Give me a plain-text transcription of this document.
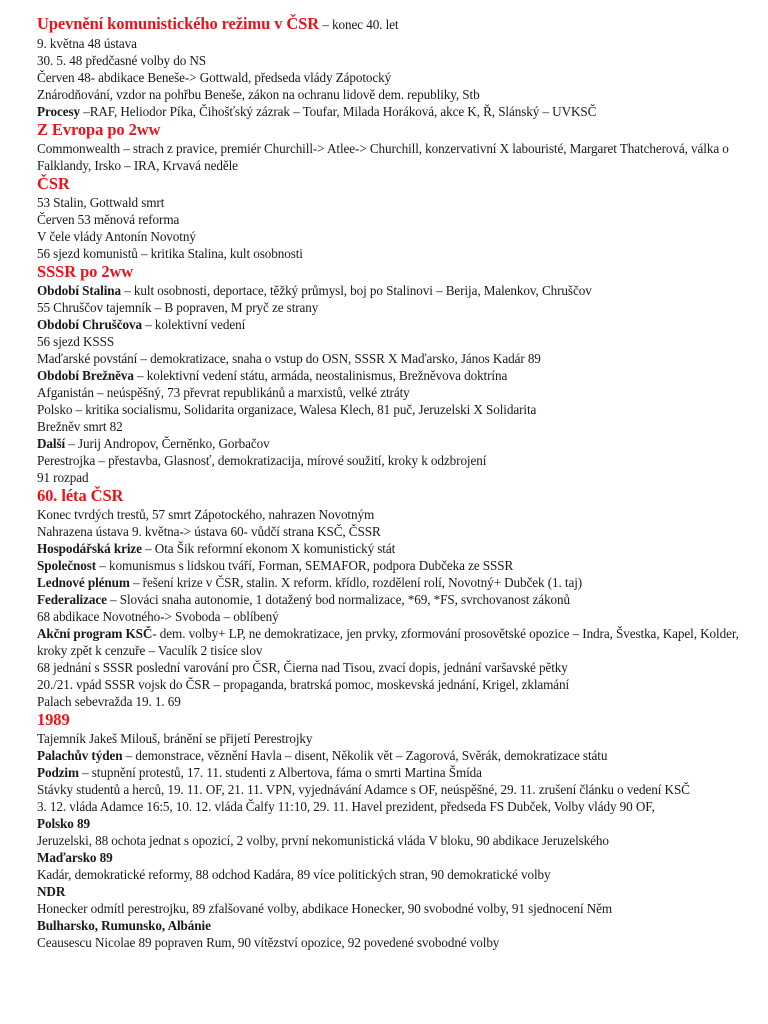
Upevnění komunistického režimu v ČSR – konec 40. let
9. května 48 ústava
30. 5. 48 předčasné volby do NS
Červen 48- abdikace Beneše-> Gottwald, předseda vlády Zápotocký
Znárodňování, vzdor na pohřbu Beneše, zákon na ochranu lidově dem. republiky, Stb
Procesy –RAF, Heliodor Píka, Čihošťský zázrak – Toufar, Milada Horáková, akce K, Ř, Slánský – UVKSČ
Z Evropa po 2ww
Commonwealth – strach z pravice, premiér Churchill-> Atlee-> Churchill, konzervativní X labouristé, Margaret Thatcherová, válka o Falklandy, Irsko – IRA, Krvavá neděle
ČSR
53 Stalin, Gottwald smrt
Červen 53 měnová reforma
V čele vlády Antonín Novotný
56 sjezd komunistů – kritika Stalina, kult osobnosti
SSSR po 2ww
Období Stalina – kult osobnosti, deportace, těžký průmysl, boj po Stalinovi – Berija, Malenkov, Chruščov
55 Chruščov tajemník – B popraven, M pryč ze strany
Období Chruščova – kolektivní vedení
56 sjezd KSSS
Maďarské povstání – demokratizace, snaha o vstup do OSN, SSSR X Maďarsko, János Kadár 89
Období Brežněva – kolektivní vedení státu, armáda, neostalinismus, Brežněvova doktrína
Afganistán – neúspěšný, 73 převrat republikánů a marxistů, velké ztráty
Polsko – kritika socialismu, Solidarita organizace, Walesa Klech, 81 puč, Jeruzelski X Solidarita
Brežněv smrt 82
Další – Jurij Andropov, Černěnko, Gorbačov
Perestrojka – přestavba, Glasnosť, demokratizacija, mírové soužití, kroky k odzbrojení
91 rozpad
60. léta ČSR
Konec tvrdých trestů, 57 smrt Zápotockého, nahrazen Novotným
Nahrazena ústava 9. května-> ústava 60- vůdčí strana KSČ, ČSSR
Hospodářská krize – Ota Šik reformní ekonom X komunistický stát
Společnost – komunismus s lidskou tváří, Forman, SEMAFOR, podpora Dubčeka ze SSSR
Lednové plénum – řešení krize v ČSR, stalin. X reform. křídlo, rozdělení rolí, Novotný+ Dubček (1. taj)
Federalizace – Slováci snaha autonomie, 1 dotažený bod normalizace, *69, *FS, svrchovanost zákonů
68 abdikace Novotného-> Svoboda – oblíbený
Akční program KSČ- dem. volby+ LP, ne demokratizace, jen prvky, zformování prosovětské opozice – Indra, Švestka, Kapel, Kolder, kroky zpět k cenzuře – Vaculík 2 tisíce slov
68 jednání s SSSR poslední varování pro ČSR, Čierna nad Tisou, zvací dopis, jednání varšavské pětky
20./21. vpád SSSR vojsk do ČSR – propaganda, bratrská pomoc, moskevská jednání, Krigel, zklamání
Palach sebevražda 19. 1. 69
1989
Tajemník Jakeš Milouš, bránění se přijetí Perestrojky
Palachův týden – demonstrace, věznění Havla – disent, Několik vět – Zagorová, Svěrák, demokratizace státu
Podzim – stupnění protestů, 17. 11. studenti z Albertova, fáma o smrti Martina Šmída
Stávky studentů a herců, 19. 11. OF, 21. 11. VPN, vyjednávání Adamce s OF, neúspěšné, 29. 11. zrušení článku o vedení KSČ
3. 12. vláda Adamce 16:5, 10. 12. vláda Čalfy 11:10, 29. 11. Havel prezident, předseda FS Dubček, Volby vlády 90 OF,
Polsko 89
Jeruzelski, 88 ochota jednat s opozicí, 2 volby, první nekomunistická vláda V bloku, 90 abdikace Jeruzelského
Maďarsko 89
Kadár, demokratické reformy, 88 odchod Kadára, 89 více politických stran, 90 demokratické volby
NDR
Honecker odmítl perestrojku, 89 zfalšované volby, abdikace Honecker, 90 svobodné volby, 91 sjednocení Něm
Bulharsko, Rumunsko, Albánie
Ceausescu Nicolae 89 popraven Rum, 90 vítězství opozice, 92 povedené svobodné volby
